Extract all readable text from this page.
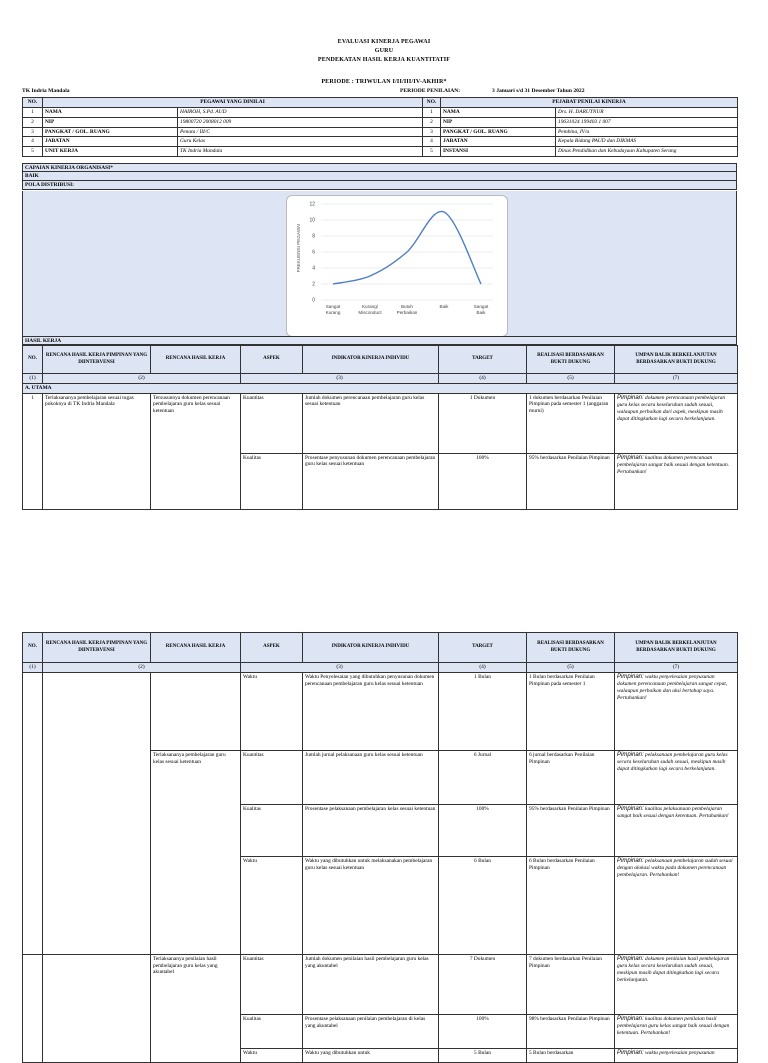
EVALUASI KINERJA PEGAWAI
GURU
PENDEKATAN HASIL KERJA KUANTITATIF
PERIODE : TRIWULAN I/II/III/IV-AKHIR*
TK Indria Mandala	PERIODE PENILAIAN:	3 Januari s/d 31 Desember Tahun 2022
NO.	PEGAWAI YANG DINILAI		NO.	PEJABAT PENILAI KINERJA	
1	NAMA	HAIROH, S.Pd. AUD	1	NAMA	Drs. H. DARUTNUR
2	NIP	19800720 2008012 009	2	NIP	19631024 199403 1 007
3	PANGKAT / GOL. RUANG	Penata / III/C	3	PANGKAT / GOL. RUANG	Pembina, IV/a
4	JABATAN	Guru Kelas	4	JABATAN	Kepala Bidang PAUD dan DIKMAS
5	UNIT KERJA	TK Indria Mandala	5	INSTANSI	Dinas Pendidikan dan Kebudayaan Kabupaten Serang
CAPAIAN KINERJA ORGANISASI*
BAIK
POLA DISTRIBUSI:
0
2
4
6
8
10
12
Sangat
Kurang
Kurang/
Misconduct
Butuh
Perbaikan
Baik	Sangat
Baik
FREKUENSI PEGAWAI
HASIL KERJA
NO.	RENCANA HASIL KERJA PIMPINAN YANG DIINTERVENSI	RENCANA HASIL KERJA	ASPEK	INDIKATOR KINERJA INDIVIDU	TARGET	REALISASI BERDASARKAN BUKTI DUKUNG	UMPAN BALIK BERKELANJUTAN BERDASARKAN BUKTI DUKUNG
(1)	(2)		(3)		(4)	(5)	(7)
A. UTAMA							
1	Terlaksananya pembelajaran sesuai tugas pokoknya di TK Indria Mandala	Tersusunnya dokumen perencanaan pembelajaran guru kelas sesuai ketentuan	Kuantitas	Jumlah dokumen perencanaan pembelajaran guru kelas sesuai ketentuan	1 Dokumen	1 dokumen berdasarkan Penilaian Pimpinan pada semester 1 (anggaran murni)	Pimpinan: dokumen perencanaan pembelajaran guru kelas secara keseluruhan sudah sesuai, walaupun perbaikan dari aspek, meskipun masih dapat ditingkatkan lagi secara berkelanjutan.
			Kualitas	Prosentase penyusunan dokumen perencanaan pembelajaran guru kelas sesuai ketentuan	100%	95% berdasarkan Penilaian Pimpinan	Pimpinan: kualitas dokumen perencanaan pembelajaran sangat baik sesuai dengan ketentuan. Pertahankan!
NO.	RENCANA HASIL KERJA PIMPINAN YANG DIINTERVENSI	RENCANA HASIL KERJA	ASPEK	INDIKATOR KINERJA INDIVIDU	TARGET	REALISASI BERDASARKAN BUKTI DUKUNG	UMPAN BALIK BERKELANJUTAN BERDASARKAN BUKTI DUKUNG
(1)	(2)		(3)		(4)	(5)	(7)
			Waktu	Waktu Penyelesaian yang dibutuhkan penyusunan dokumen perencanaan pembelajaran guru kelas sesuai ketentuan	1 Bulan	1 Bulan berdasarkan Penilaian Pimpinan pada semester 1	Pimpinan: waktu penyelesaian penyusunan dokumen perencanaan pembelajaran sangat cepat, walaupun perbaikan dan aksi bertahap saya. Pertahankan!
		Terlaksananya pembelajaran guru kelas sesuai ketentuan	Kuantitas	Jumlah jurnal pelaksanaan guru kelas sesuai ketentuan	6 Jurnal	6 jurnal berdasarkan Penilaian Pimpinan	Pimpinan: pelaksanaan pembelajaran guru kelas secara keseluruhan sudah sesuai, meskipun masih dapat ditingkatkan lagi secara berkelanjutan.
			Kualitas	Prosentase pelaksanaan pembelajaran kelas sesuai ketentuan	100%	95% berdasarkan Penilaian Pimpinan	Pimpinan: kualitas pelaksanaan pembelajaran sangat baik sesuai dengan ketentuan. Pertahankan!
			Waktu	Waktu yang dibutuhkan untuk melaksanakan pembelajaran guru kelas sesuai ketentuan	6 Bulan	6 Bulan berdasarkan Penilaian Pimpinan	Pimpinan: pelaksanaan pembelajaran sudah sesuai dengan alokasi waktu pada dokumen perencanaan pembelajaran. Pertahankan!
		Terlaksananya penilaian hasil pembelajaran guru kelas yang akuntabel	Kuantitas	Jumlah dokumen penilaian hasil pembelajaran guru kelas yang akuntabel	7 Dokumen	7 dokumen berdasarkan Penilaian Pimpinan	Pimpinan: dokumen penilaian hasil pembelajaran guru kelas secara keseluruhan sudah sesuai, meskipun masih dapat ditingkatkan lagi secara berkelanjutan.
			Kualitas	Prosentase pelaksanaan penilaian pembelajaran di kelas yang akuntabel	100%	98% berdasarkan Penilaian Pimpinan	Pimpinan: kualitas dokumen penilaian hasil pembelajaran guru kelas sangat baik sesuai dengan ketentuan. Pertahankan!
			Waktu	Waktu yang dibutuhkan untuk	5 Bulan	5 Bulan berdasarkan	Pimpinan: waktu penyelesaian penyusunan
